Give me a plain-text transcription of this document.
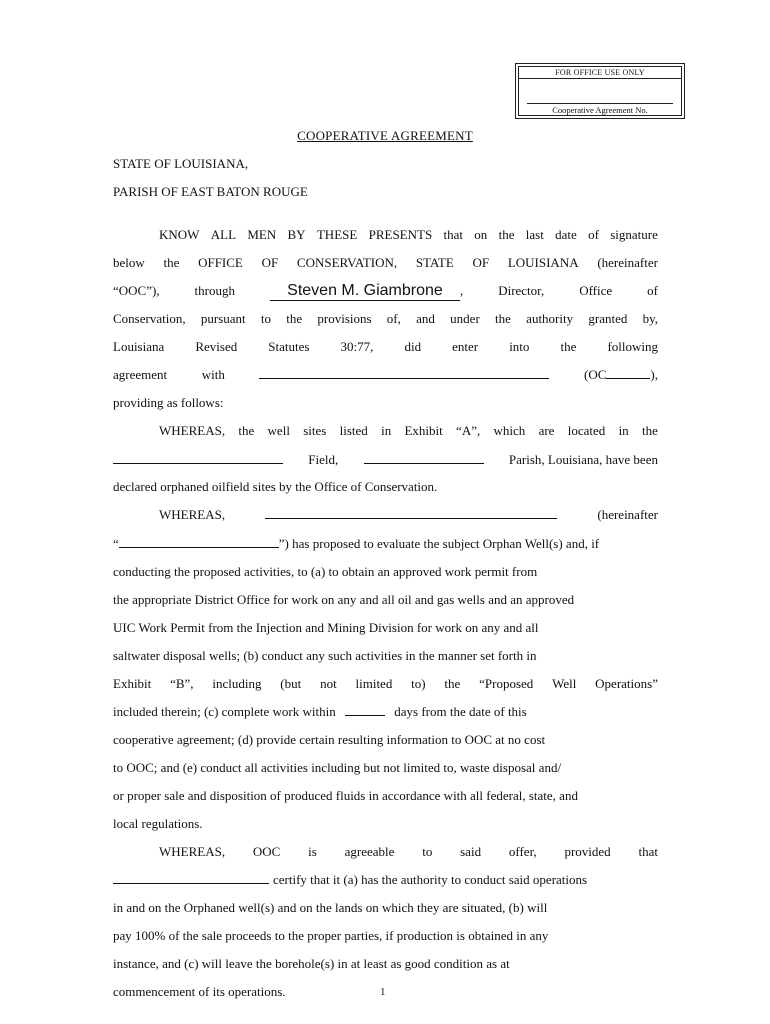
FOR OFFICE USE ONLY
Cooperative Agreement No.
COOPERATIVE AGREEMENT
STATE OF LOUISIANA,
PARISH OF EAST BATON ROUGE
KNOW ALL MEN BY THESE PRESENTS that on the last date of signature
below the OFFICE OF CONSERVATION, STATE OF LOUISIANA (hereinafter
“OOC”),	through	Steven M. Giambrone ,	Director,	Office	of
Conservation, pursuant to the provisions of, and under the authority granted by,
Louisiana Revised Statutes 30:77, did enter into the following
agreement	with	(OC	),
providing as follows:
WHEREAS, the well sites listed in Exhibit “A”, which are located in the
Field,	Parish, Louisiana, have been
declared orphaned oilfield sites by the Office of Conservation.
WHEREAS,	(hereinafter
“	”) has proposed to evaluate the subject Orphan Well(s) and, if
conducting the proposed activities, to (a) to obtain an approved work permit from
the appropriate District Office for work on any and all oil and gas wells and an approved
UIC Work Permit from the Injection and Mining Division for work on any and all
saltwater disposal wells; (b) conduct any such activities in the manner set forth in
Exhibit “B”, including (but not limited to) the “Proposed Well Operations”
included therein; (c) complete work within	days from the date of this
cooperative agreement; (d) provide certain resulting information to OOC at no cost
to OOC; and (e) conduct all activities including but not limited to, waste disposal and/
or proper sale and disposition of produced fluids in accordance with all federal, state, and
local regulations.
WHEREAS, OOC is agreeable to said offer, provided that
certify that it (a) has the authority to conduct said operations
in and on the Orphaned well(s) and on the lands on which they are situated, (b) will
pay 100% of the sale proceeds to the proper parties, if production is obtained in any
instance, and (c) will leave the borehole(s) in at least as good condition as at
commencement of its operations.	1
